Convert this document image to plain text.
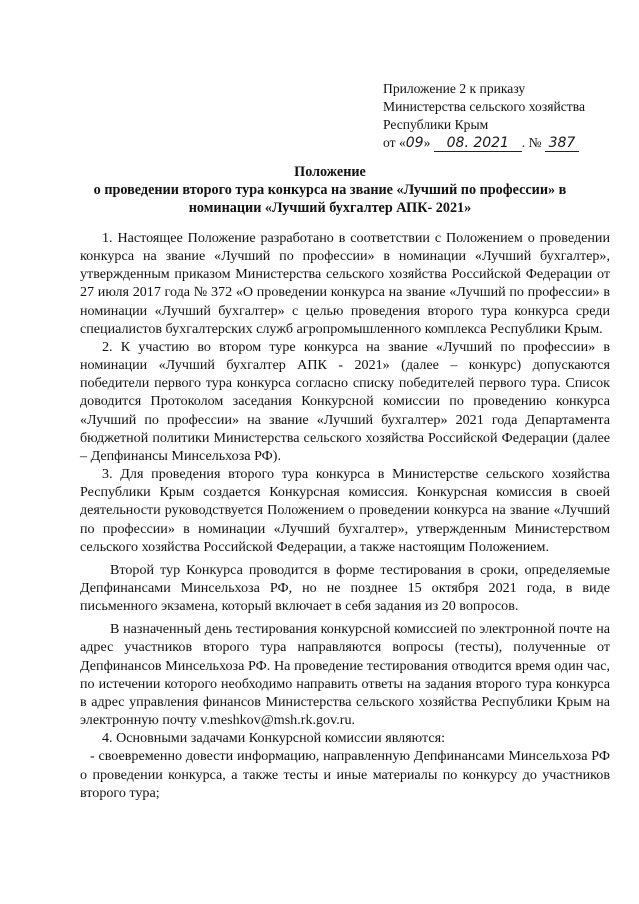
Приложение 2 к приказу
Министерства сельского хозяйства
Республики Крым
от «09» 08. 2021 . № 387
Положение
о проведении второго тура конкурса на звание «Лучший по профессии» в
номинации «Лучший бухгалтер АПК- 2021»

1. Настоящее Положение разработано в соответствии с Положением о проведении конкурса на звание «Лучший по профессии» в номинации «Лучший бухгалтер», утвержденным приказом Министерства сельского хозяйства Российской Федерации от 27 июля 2017 года № 372 «О проведении конкурса на звание «Лучший по профессии» в номинации «Лучший бухгалтер» с целью проведения второго тура конкурса среди специалистов бухгалтерских служб агропромышленного комплекса Республики Крым.

2. К участию во втором туре конкурса на звание «Лучший по профессии» в номинации «Лучший бухгалтер АПК - 2021» (далее – конкурс) допускаются победители первого тура конкурса согласно списку победителей первого тура. Список доводится Протоколом заседания Конкурсной комиссии по проведению конкурса «Лучший по профессии» на звание «Лучший бухгалтер» 2021 года Департамента бюджетной политики Министерства сельского хозяйства Российской Федерации (далее – Депфинансы Минсельхоза РФ).

3. Для проведения второго тура конкурса в Министерстве сельского хозяйства Республики Крым создается Конкурсная комиссия. Конкурсная комиссия в своей деятельности руководствуется Положением о проведении конкурса на звание «Лучший по профессии» в номинации «Лучший бухгалтер», утвержденным Министерством сельского хозяйства Российской Федерации, а также настоящим Положением.

Второй тур Конкурса проводится в форме тестирования в сроки, определяемые Депфинансами Минсельхоза РФ, но не позднее 15 октября 2021 года, в виде письменного экзамена, который включает в себя задания из 20 вопросов.

В назначенный день тестирования конкурсной комиссией по электронной почте на адрес участников второго тура направляются вопросы (тесты), полученные от Депфинансов Минсельхоза РФ. На проведение тестирования отводится время один час, по истечении которого необходимо направить ответы на задания второго тура конкурса в адрес управления финансов Министерства сельского хозяйства Республики Крым на электронную почту v.meshkov@msh.rk.gov.ru.

4. Основными задачами Конкурсной комиссии являются:

- своевременно довести информацию, направленную Депфинансами Минсельхоза РФ о проведении конкурса, а также тесты и иные материалы по конкурсу до участников второго тура;
